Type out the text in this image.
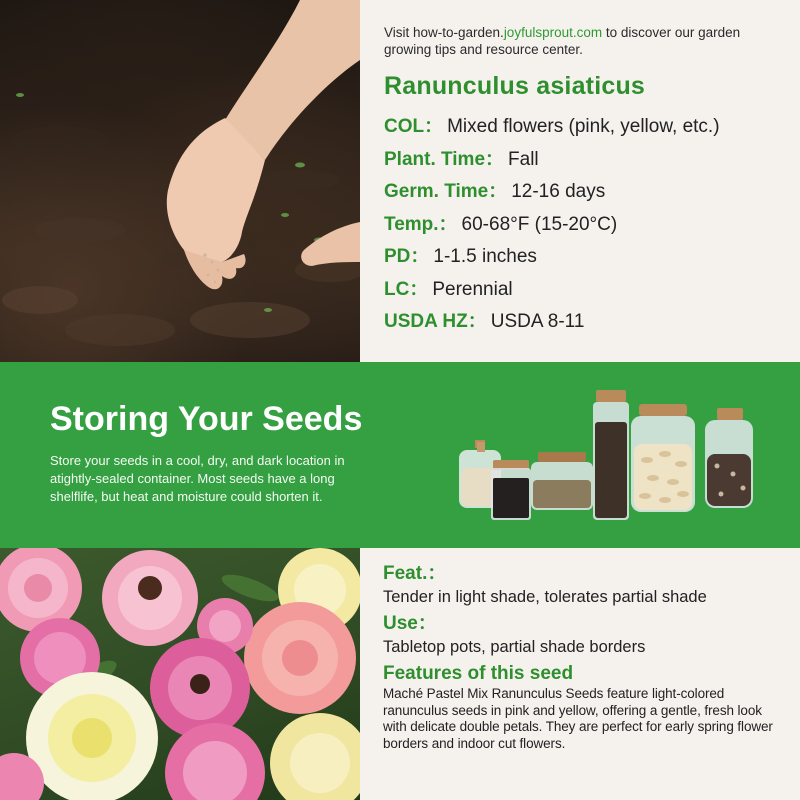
Visit how-to-garden.joyfulsprout.com to discover our garden growing tips and resource center.

Ranunculus asiaticus
COL： Mixed flowers (pink, yellow, etc.)
Plant. Time： Fall
Germ. Time： 12-16 days
Temp.： 60-68°F (15-20°C)
PD： 1-1.5 inches
LC： Perennial
USDA HZ： USDA 8-11
Storing Your Seeds

Store your seeds in a cool, dry, and dark location in atightly-sealed container. Most seeds have a long shelflife, but heat and moisture could shorten it.

Feat.：

Tender in light shade, tolerates partial shade

Use：

Tabletop pots, partial shade borders

Features of this seed

Maché Pastel Mix Ranunculus Seeds feature light-colored ranunculus seeds in pink and yellow, offering a gentle, fresh look with delicate double petals. They are perfect for early spring flower borders and indoor cut flowers.
